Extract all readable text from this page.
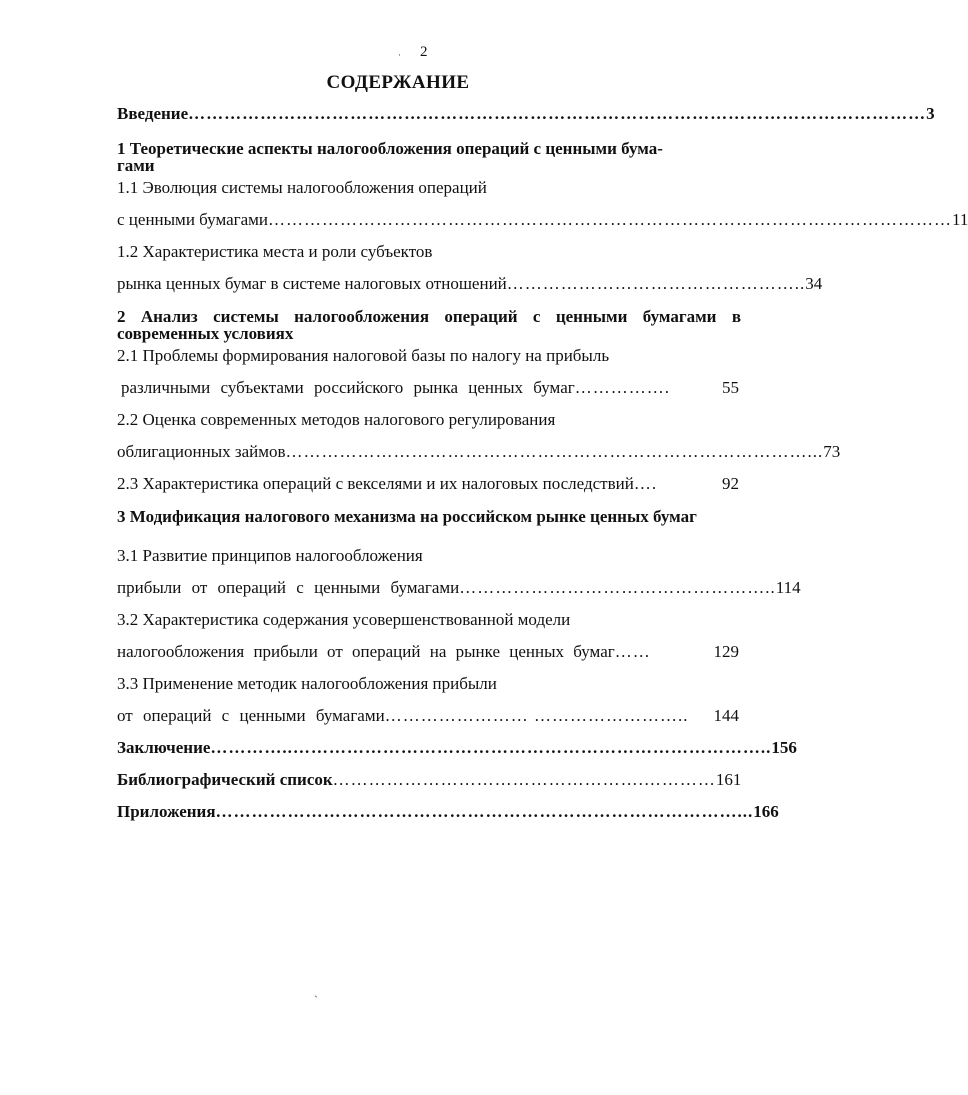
· 2
СОДЕРЖАНИЕ
Введение …………………………………………………………………………………………………………… 3
1 Теоретические аспекты налогообложения операций с ценными бума-
гами
1.1 Эволюция системы налогообложения операций
с ценными бумагами …………………………………………………………………………………………………… 11
1.2 Характеристика места и роли субъектов
рынка ценных бумаг в системе налоговых отношений ………………………………………….. 34
2 Анализ системы налогообложения операций с ценными бумагами в современных условиях
2.1 Проблемы формирования налоговой базы по налогу на прибыль
различными субъектами российского рынка ценных бумаг …………….	55
2.2 Оценка современных методов налогового регулирования
облигационных займов ……………………………………………………………………………... 73
2.3 Характеристика операций с векселями и их налоговых последствий ….	92
3 Модификация налогового механизма на российском рынке ценных бумаг
3.1 Развитие принципов налогообложения
прибыли от операций с ценными бумагами …………………………………………….. 114
3.2 Характеристика содержания усовершенствованной модели
налогообложения прибыли от операций на рынке ценных бумаг ……	129
3.3 Применение методик налогообложения прибыли
от операций с ценными бумагами …………………… ……………………..	144
Заключение …………..…………………………………………………………………….. 156
Библиографический список …………………………………………….………… 161
Приложения ……………………………………………………………………………... 166
ˏ
